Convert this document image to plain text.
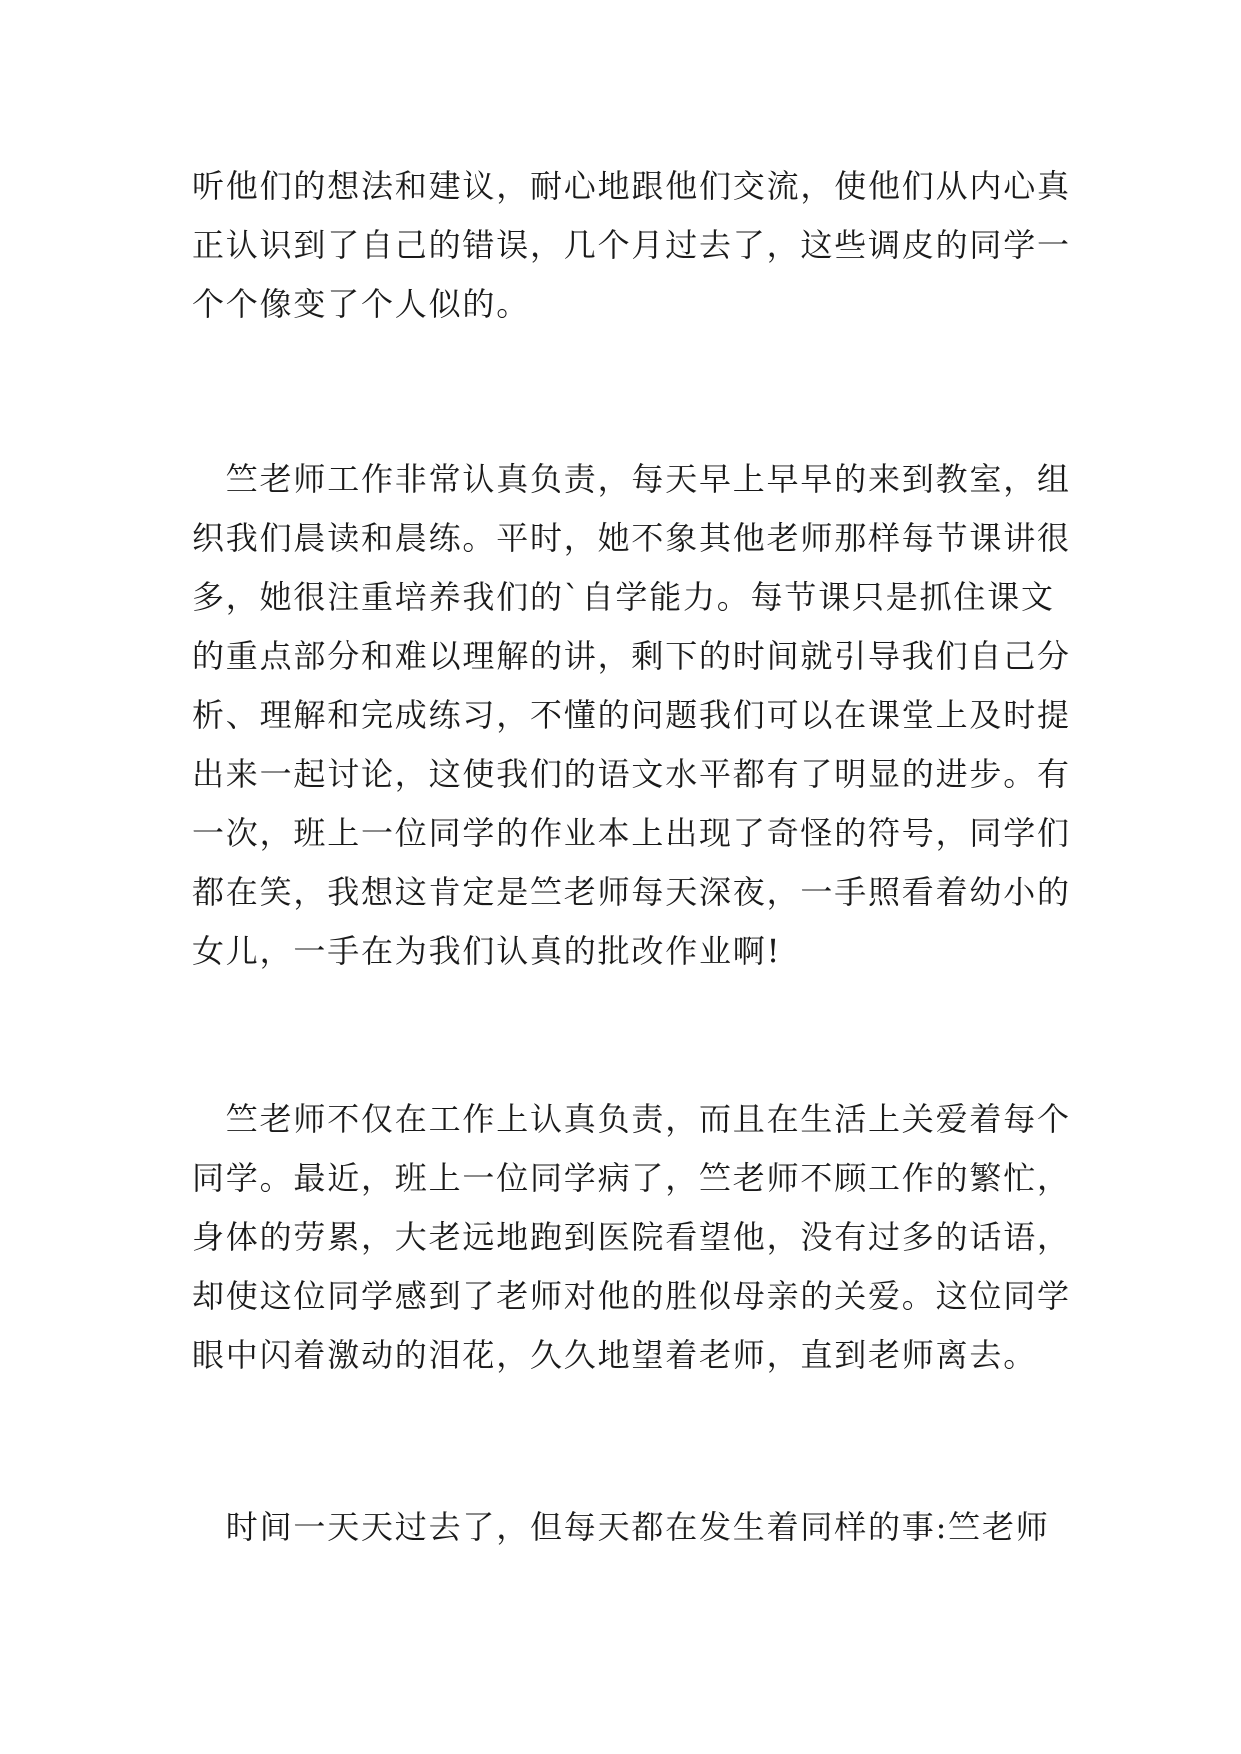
听他们的想法和建议，耐心地跟他们交流，使他们从内心真
正认识到了自己的错误，几个月过去了，这些调皮的同学一
个个像变了个人似的。
　竺老师工作非常认真负责，每天早上早早的来到教室，组
织我们晨读和晨练。平时，她不象其他老师那样每节课讲很
多，她很注重培养我们的`自学能力。每节课只是抓住课文
的重点部分和难以理解的讲，剩下的时间就引导我们自己分
析、理解和完成练习，不懂的问题我们可以在课堂上及时提
出来一起讨论，这使我们的语文水平都有了明显的进步。有
一次，班上一位同学的作业本上出现了奇怪的符号，同学们
都在笑，我想这肯定是竺老师每天深夜，一手照看着幼小的
女儿，一手在为我们认真的批改作业啊!
　竺老师不仅在工作上认真负责，而且在生活上关爱着每个
同学。最近，班上一位同学病了，竺老师不顾工作的繁忙，
身体的劳累，大老远地跑到医院看望他，没有过多的话语，
却使这位同学感到了老师对他的胜似母亲的关爱。这位同学
眼中闪着激动的泪花，久久地望着老师，直到老师离去。
　时间一天天过去了，但每天都在发生着同样的事:竺老师
